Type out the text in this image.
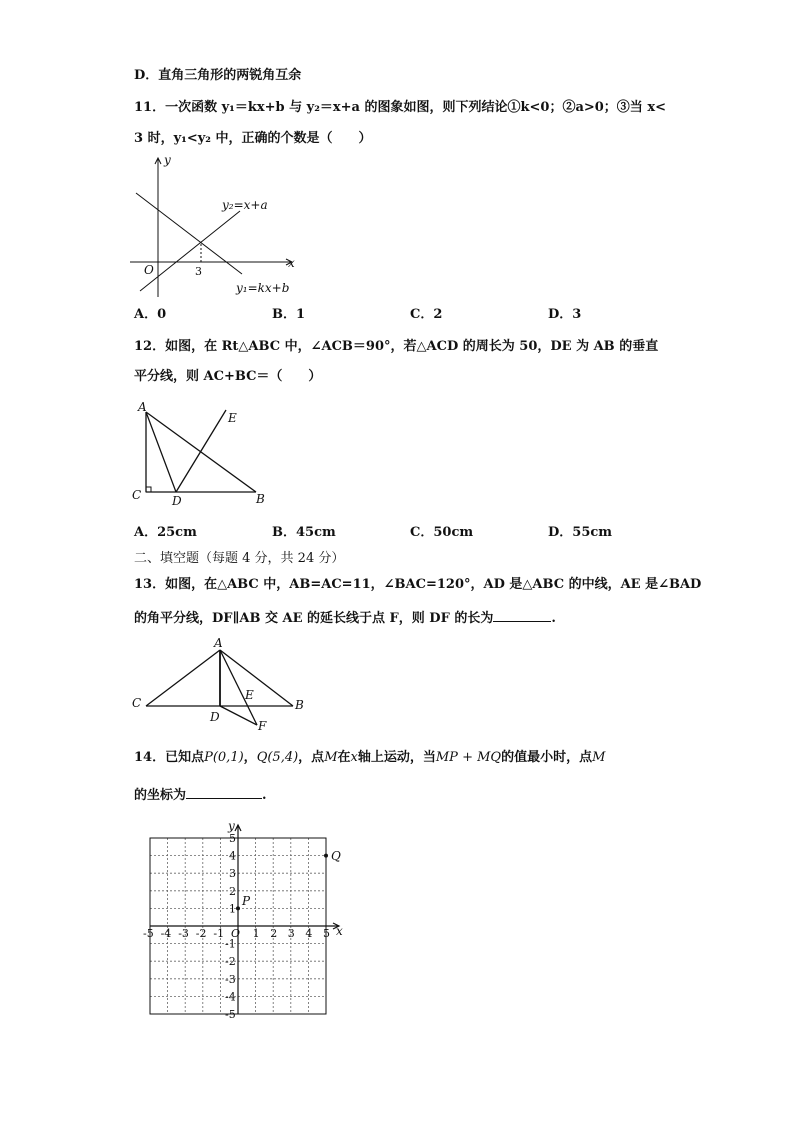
D．直角三角形的两锐角互余
11．一次函数 y₁＝kx+b 与 y₂＝x+a 的图象如图，则下列结论①k<0；②a>0；③当 x<
3 时，y₁<y₂ 中，正确的个数是（　　）
y
x
O	3
y₂=x+a
y₁=kx+b
A．0	B．1	C．2	D．3
12．如图，在 Rt△ABC 中，∠ACB＝90°，若△ACD 的周长为 50，DE 为 AB 的垂直
平分线，则 AC+BC＝（　　）
A
E
C	D	B
A．25cm	B．45cm	C．50cm	D．55cm
二、填空题（每题 4 分，共 24 分）
13．如图，在△ABC 中，AB=AC=11，∠BAC=120°，AD 是△ABC 的中线，AE 是∠BAD
的角平分线，DF∥AB 交 AE 的延长线于点 F，则 DF 的长为	.
A
C	B
E
D
F
14．已知点P(0,1)，Q(5,4)，点M在x轴上运动，当MP + MQ的值最小时，点M
的坐标为	.
x
y
-5 -4 -3 -2 -1 O 1 2 3 4 5
5
4
3
2
1
-1
-2
-3
-4
-5
P
Q
